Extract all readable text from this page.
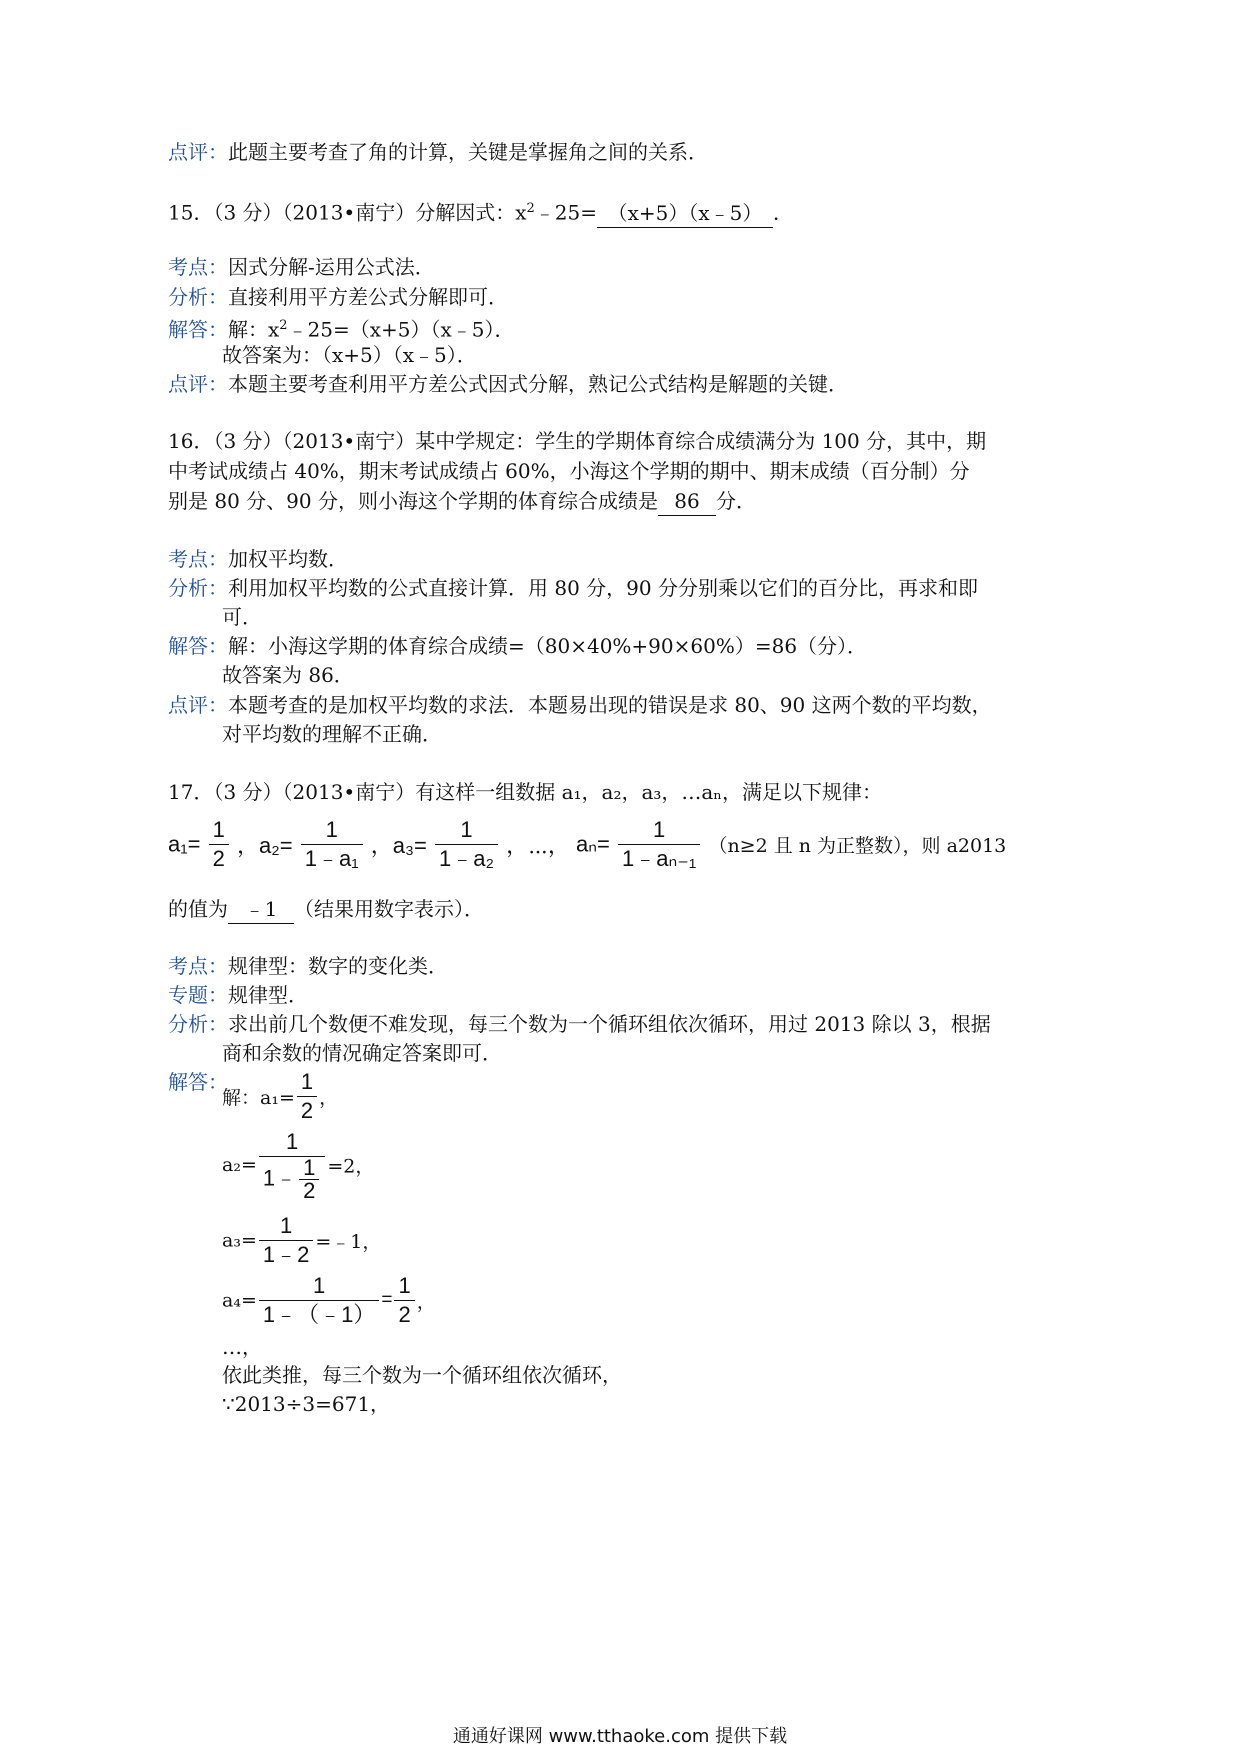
点评：此题主要考查了角的计算，关键是掌握角之间的关系．
15．（3 分）（2013•南宁）分解因式：$x^2﹣25=$ （x+5）（x﹣5） ．
考点：因式分解-运用公式法．
分析：直接利用平方差公式分解即可．
解答：解：$x^2﹣25=(x+5)(x﹣5)$．
故答案为：（x+5）（x﹣5）．
点评：本题主要考查利用平方差公式因式分解，熟记公式结构是解题的关键．
16．（3 分）（2013•南宁）某中学规定：学生的学期体育综合成绩满分为 100 分，其中，期
中考试成绩占 40%，期末考试成绩占 60%，小海这个学期的期中、期末成绩（百分制）分
别是 80 分、90 分，则小海这个学期的体育综合成绩是 86 分．
考点：加权平均数．
分析：利用加权平均数的公式直接计算．用 80 分，90 分分别乘以它们的百分比，再求和即
可．
解答：解：小海这学期的体育综合成绩=（80×40%+90×60%）=86（分）．
故答案为 86．
点评：本题考查的是加权平均数的求法．本题易出现的错误是求 80、90 这两个数的平均数，
对平均数的理解不正确．
17．（3 分）（2013•南宁）有这样一组数据 a₁，a₂，a₃，…aₙ，满足以下规律：
$a_1= \frac{1}{2}$ ，$a_2= \frac{1}{\text{1﹣a₁}}$ ，$a_3= \frac{1}{\text{1﹣a₂}}$ ，⋯， $a_n= \frac{1}{\text{1﹣aₙ₋₁}} (n\ge 2$ 且 n 为正整数），则 a2013
的值为 ﹣1 （结果用数字表示）．
考点：规律型：数字的变化类．
专题：规律型．
分析：求出前几个数便不难发现，每三个数为一个循环组依次循环，用过 2013 除以 3，根据
商和余数的情况确定答案即可．
解答：
解：$a_1= \frac{1}{2}$ ，
$a_2= \frac{1}{1﹣ \frac{1}{2}} =2$，
$a_3= \frac{1}{1﹣2}$ =﹣1，
$a_4= \frac{1}{1﹣(﹣1)} = \frac{1}{2}$ ，
…，
依此类推，每三个数为一个循环组依次循环，
∵2013÷3=671，
通通好课网 www.tthaoke.com 提供下载
